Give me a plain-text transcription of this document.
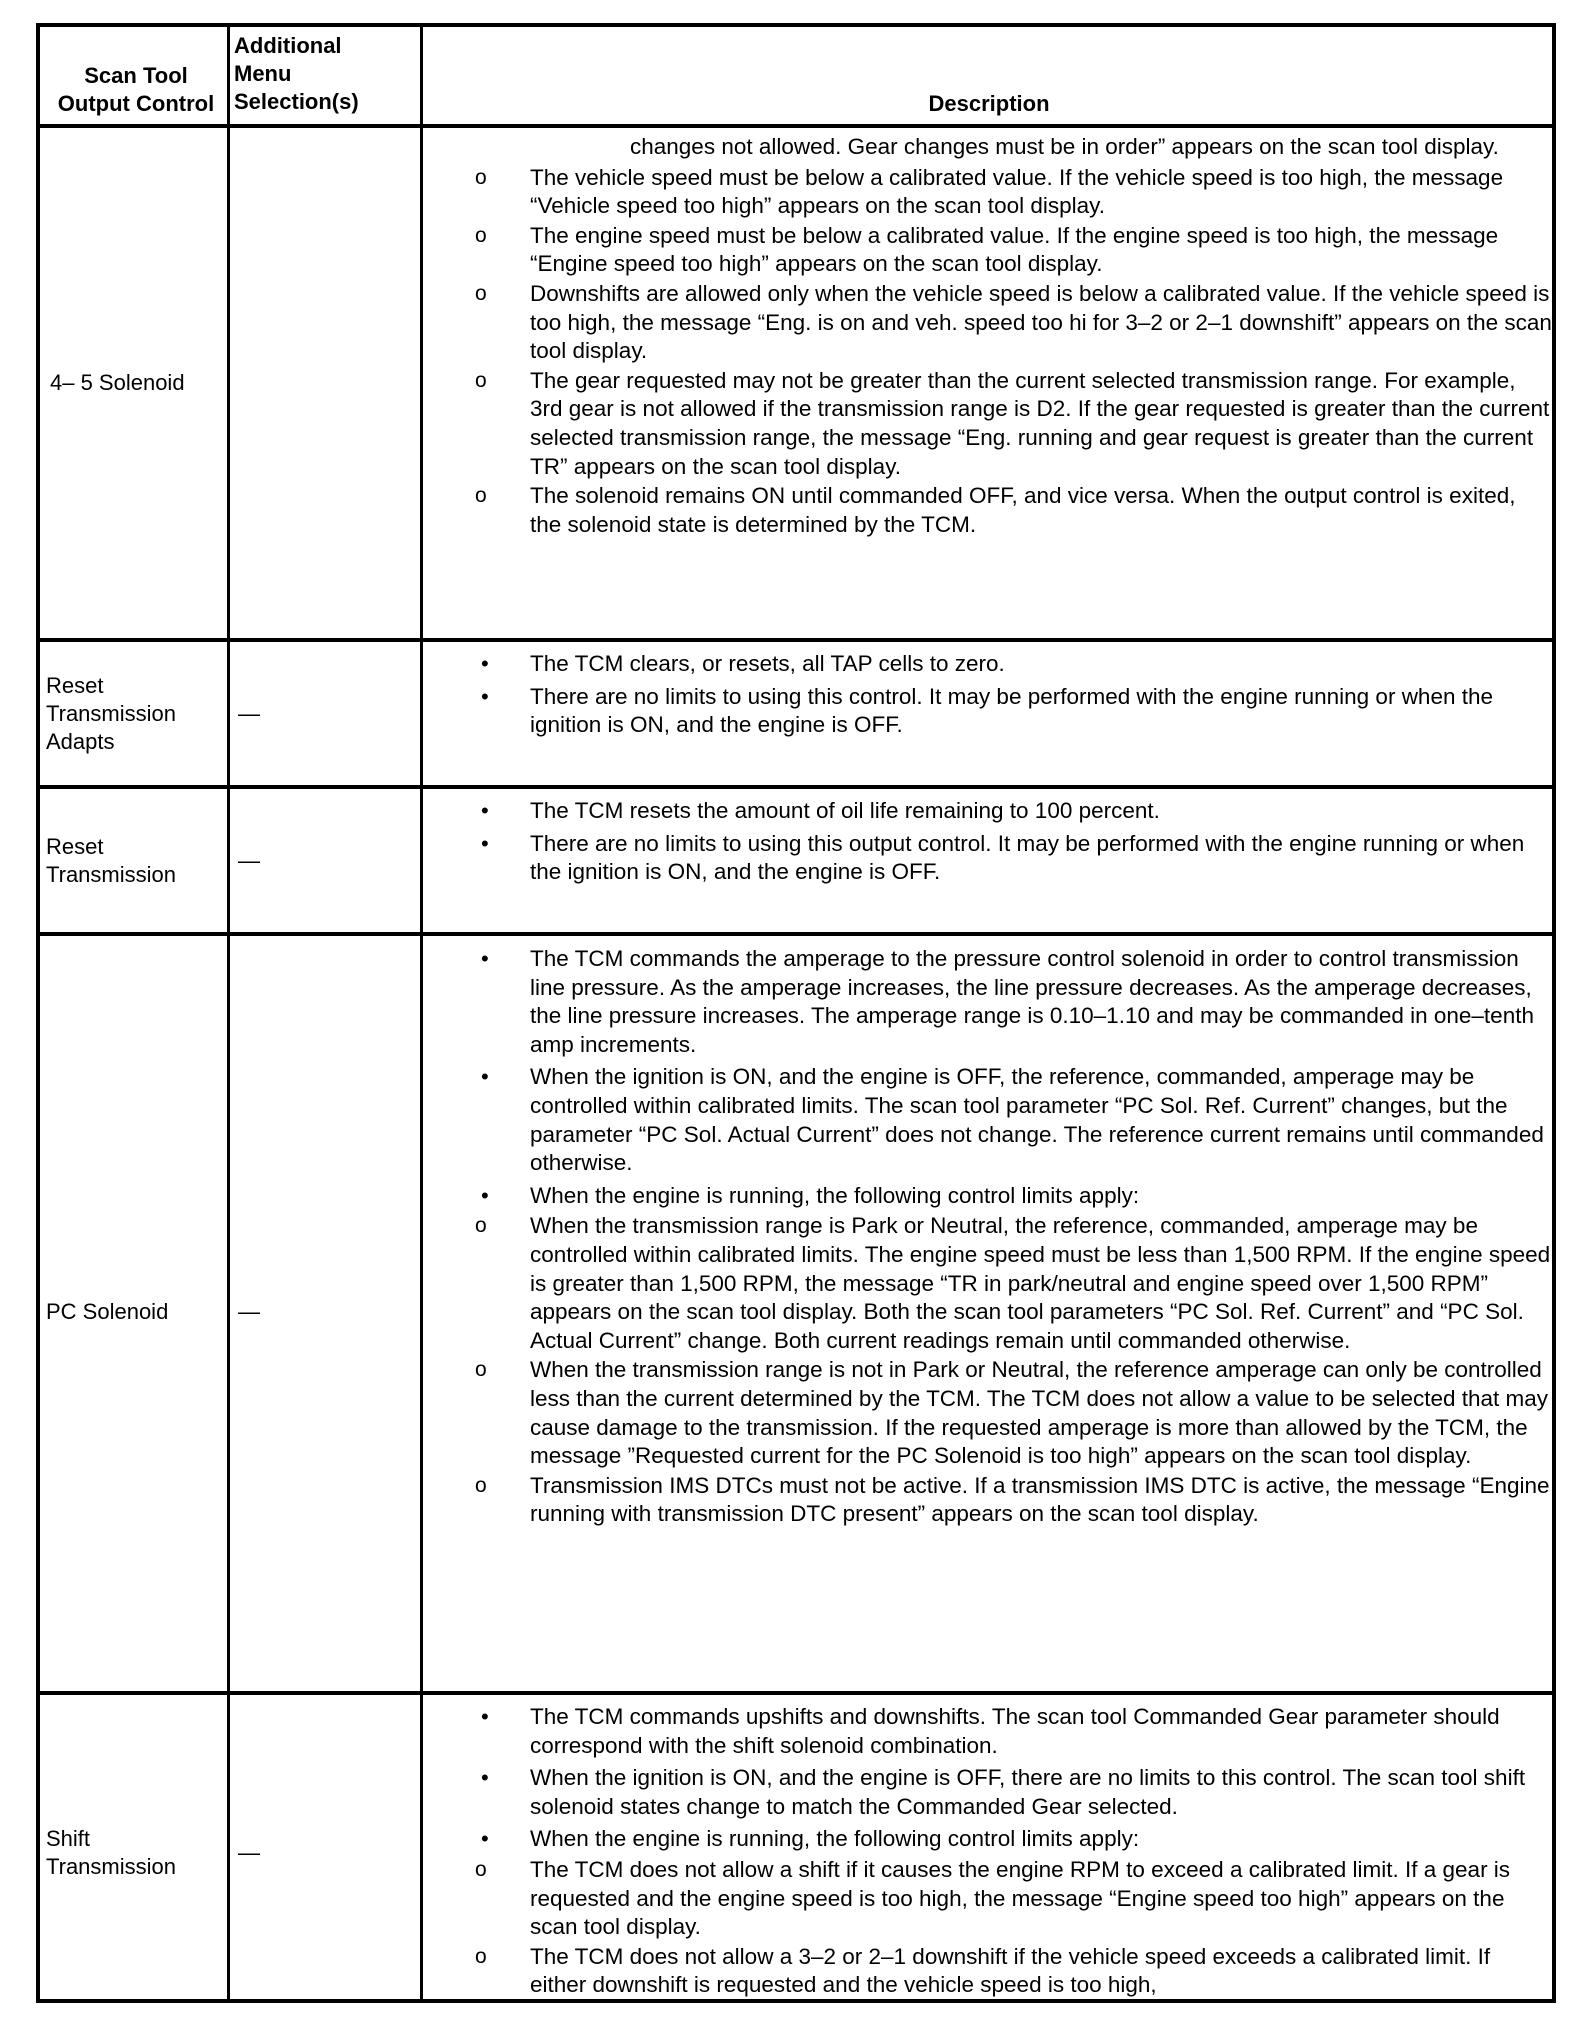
Scan Tool
Output Control
Additional
Menu
Selection(s)	Description
4– 5 Solenoid
changes not allowed. Gear changes must be in order” appears on the scan tool display.
o The vehicle speed must be below a calibrated value. If the vehicle speed is too high, the message “Vehicle speed too high” appears on the scan tool display.
o The engine speed must be below a calibrated value. If the engine speed is too high, the message “Engine speed too high” appears on the scan tool display.
o Downshifts are allowed only when the vehicle speed is below a calibrated value. If the vehicle speed is too high, the message “Eng. is on and veh. speed too hi for 3–2 or 2–1 downshift” appears on the scan tool display.
o The gear requested may not be greater than the current selected transmission range. For example, 3rd gear is not allowed if the transmission range is D2. If the gear requested is greater than the current selected transmission range, the message “Eng. running and gear request is greater than the current TR” appears on the scan tool display.
o The solenoid remains ON until commanded OFF, and vice versa. When the output control is exited, the solenoid state is determined by the TCM.
Reset
Transmission
Adapts
—
• The TCM clears, or resets, all TAP cells to zero.
• There are no limits to using this control. It may be performed with the engine running or when the ignition is ON, and the engine is OFF.
Reset
Transmission
—
• The TCM resets the amount of oil life remaining to 100 percent.
• There are no limits to using this output control. It may be performed with the engine running or when the ignition is ON, and the engine is OFF.
PC Solenoid	—
• The TCM commands the amperage to the pressure control solenoid in order to control transmission line pressure. As the amperage increases, the line pressure decreases. As the amperage decreases, the line pressure increases. The amperage range is 0.10–1.10 and may be commanded in one–tenth amp increments.
• When the ignition is ON, and the engine is OFF, the reference, commanded, amperage may be controlled within calibrated limits. The scan tool parameter “PC Sol. Ref. Current” changes, but the parameter “PC Sol. Actual Current” does not change. The reference current remains until commanded otherwise.
• When the engine is running, the following control limits apply:
o When the transmission range is Park or Neutral, the reference, commanded, amperage may be controlled within calibrated limits. The engine speed must be less than 1,500 RPM. If the engine speed is greater than 1,500 RPM, the message “TR in park/neutral and engine speed over 1,500 RPM” appears on the scan tool display. Both the scan tool parameters “PC Sol. Ref. Current” and “PC Sol. Actual Current” change. Both current readings remain until commanded otherwise.
o When the transmission range is not in Park or Neutral, the reference amperage can only be controlled less than the current determined by the TCM. The TCM does not allow a value to be selected that may cause damage to the transmission. If the requested amperage is more than allowed by the TCM, the message ”Requested current for the PC Solenoid is too high” appears on the scan tool display.
o Transmission IMS DTCs must not be active. If a transmission IMS DTC is active, the message “Engine running with transmission DTC present” appears on the scan tool display.
Shift
Transmission
—
• The TCM commands upshifts and downshifts. The scan tool Commanded Gear parameter should correspond with the shift solenoid combination.
• When the ignition is ON, and the engine is OFF, there are no limits to this control. The scan tool shift solenoid states change to match the Commanded Gear selected.
• When the engine is running, the following control limits apply:
o The TCM does not allow a shift if it causes the engine RPM to exceed a calibrated limit. If a gear is requested and the engine speed is too high, the message “Engine speed too high” appears on the scan tool display.
o The TCM does not allow a 3–2 or 2–1 downshift if the vehicle speed exceeds a calibrated limit. If either downshift is requested and the vehicle speed is too high,
